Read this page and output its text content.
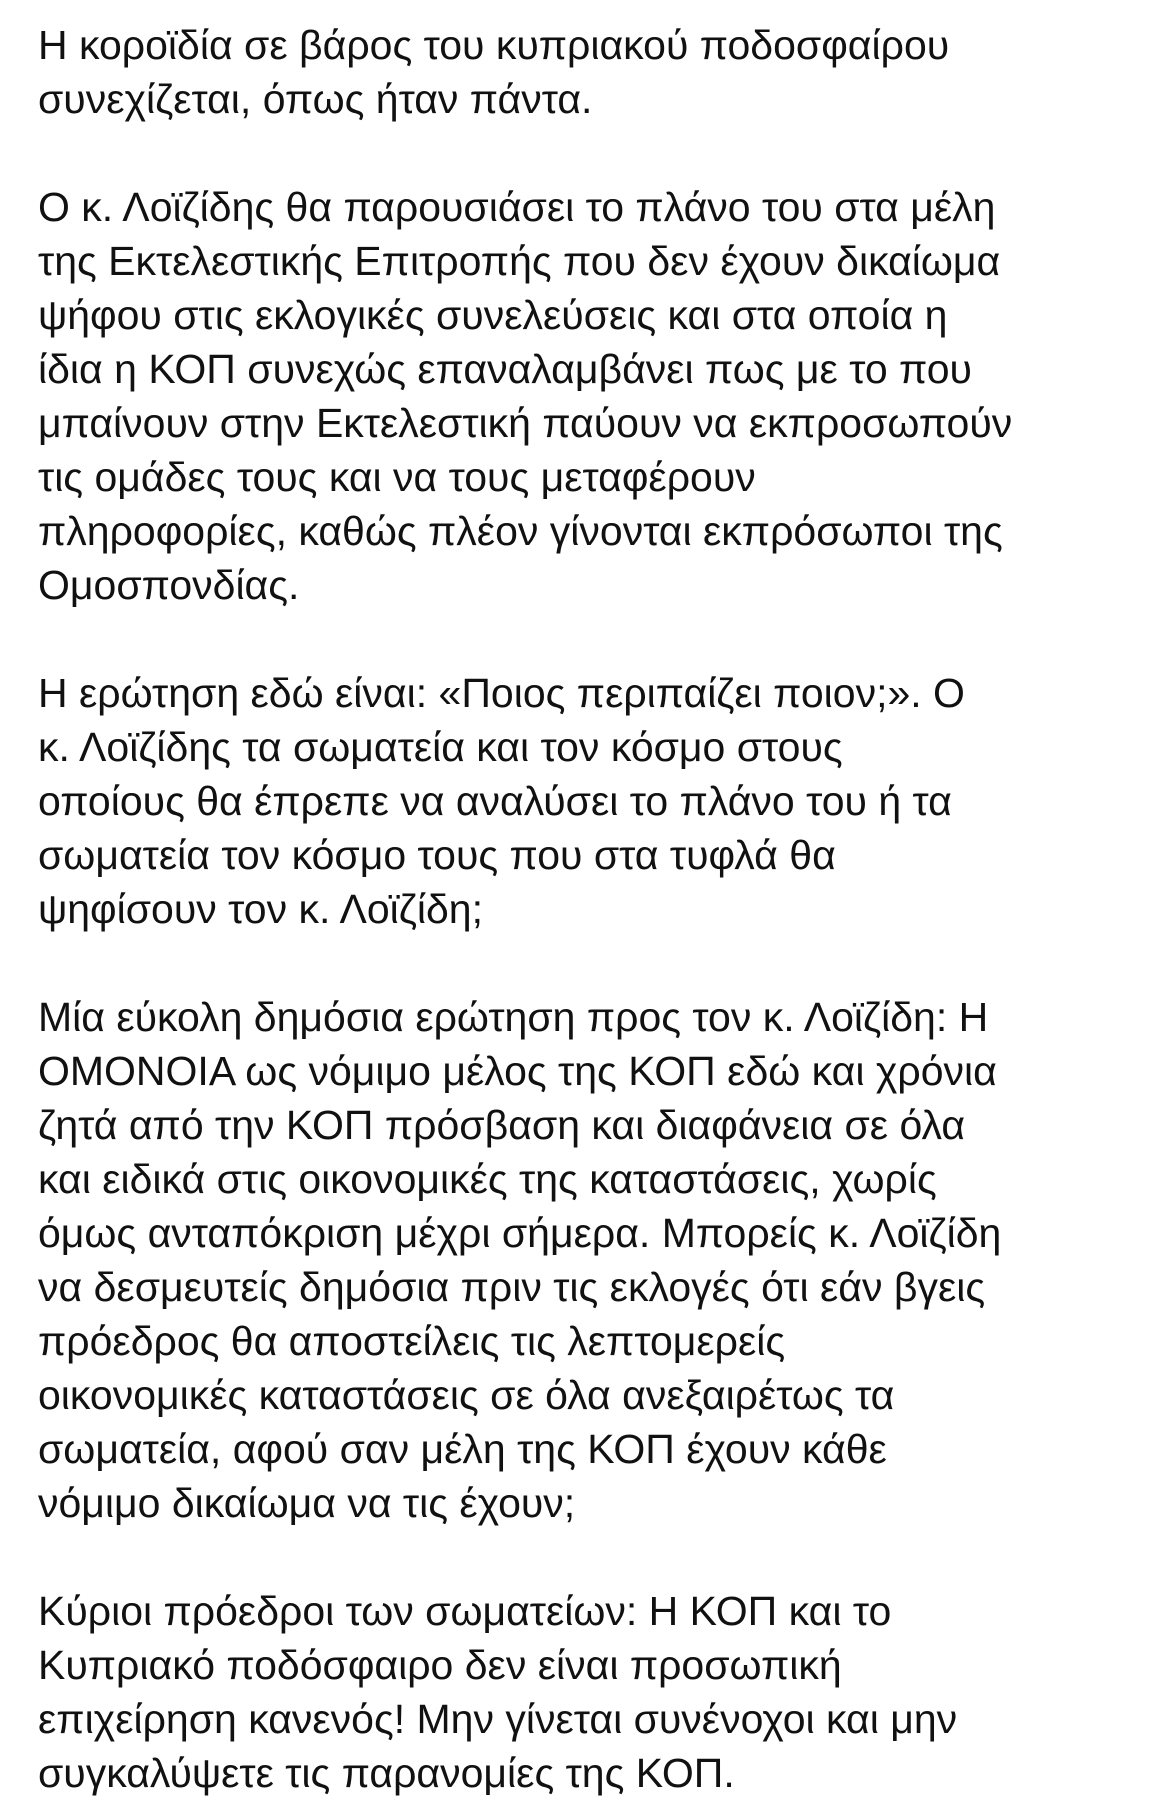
Η κοροϊδία σε βάρος του κυπριακού ποδοσφαίρου
συνεχίζεται, όπως ήταν πάντα.

Ο κ. Λοϊζίδης θα παρουσιάσει το πλάνο του στα μέλη
της Εκτελεστικής Επιτροπής που δεν έχουν δικαίωμα
ψήφου στις εκλογικές συνελεύσεις και στα οποία η
ίδια η ΚΟΠ συνεχώς επαναλαμβάνει πως με το που
μπαίνουν στην Εκτελεστική παύουν να εκπροσωπούν
τις ομάδες τους και να τους μεταφέρουν
πληροφορίες, καθώς πλέον γίνονται εκπρόσωποι της
Ομοσπονδίας.

Η ερώτηση εδώ είναι: «Ποιος περιπαίζει ποιον;». Ο
κ. Λοϊζίδης τα σωματεία και τον κόσμο στους
οποίους θα έπρεπε να αναλύσει το πλάνο του ή τα
σωματεία τον κόσμο τους που στα τυφλά θα
ψηφίσουν τον κ. Λοϊζίδη;

Μία εύκολη δημόσια ερώτηση προς τον κ. Λοϊζίδη: Η
ΟΜΟΝΟΙΑ ως νόμιμο μέλος της ΚΟΠ εδώ και χρόνια
ζητά από την ΚΟΠ πρόσβαση και διαφάνεια σε όλα
και ειδικά στις οικονομικές της καταστάσεις, χωρίς
όμως ανταπόκριση μέχρι σήμερα. Μπορείς κ. Λοϊζίδη
να δεσμευτείς δημόσια πριν τις εκλογές ότι εάν βγεις
πρόεδρος θα αποστείλεις τις λεπτομερείς
οικονομικές καταστάσεις σε όλα ανεξαιρέτως τα
σωματεία, αφού σαν μέλη της ΚΟΠ έχουν κάθε
νόμιμο δικαίωμα να τις έχουν;

Κύριοι πρόεδροι των σωματείων: Η ΚΟΠ και το
Κυπριακό ποδόσφαιρο δεν είναι προσωπική
επιχείρηση κανενός! Μην γίνεται συνένοχοι και μην
συγκαλύψετε τις παρανομίες της ΚΟΠ.
